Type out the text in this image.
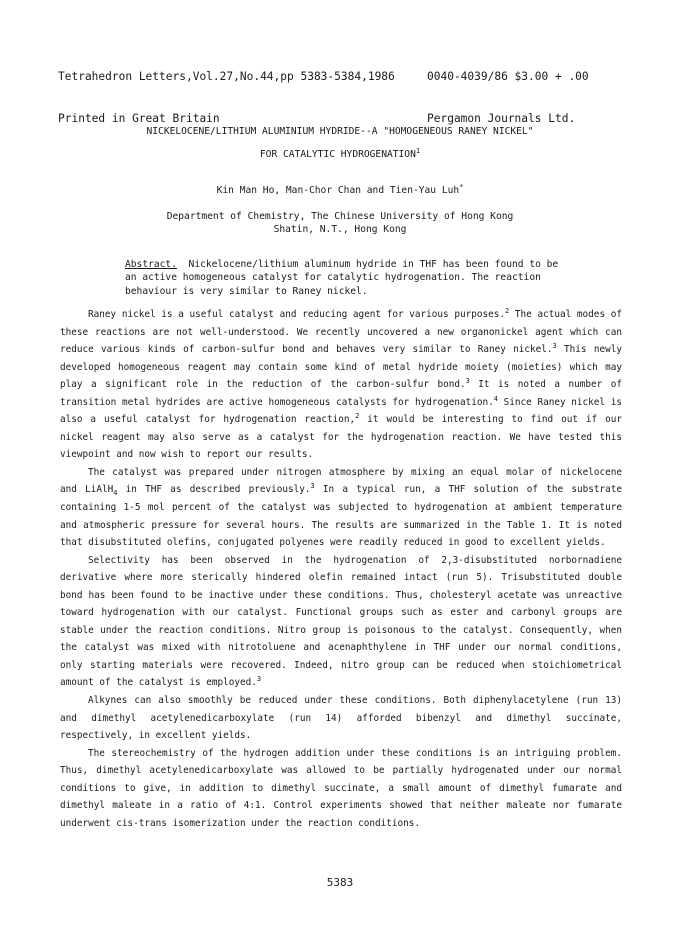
Tetrahedron Letters,Vol.27,No.44,pp 5383-5384,1986

Printed in Great Britain

0040-4039/86 $3.00 + .00

Pergamon Journals Ltd.

NICKELOCENE/LITHIUM ALUMINIUM HYDRIDE--A "HOMOGENEOUS RANEY NICKEL"
FOR CATALYTIC HYDROGENATION$^1$
Kin Man Ho, Man-Chor Chan and Tien-Yau Luh*
Department of Chemistry, The Chinese University of Hong Kong
Shatin, N.T., Hong Kong
Abstract. Nickelocene/lithium aluminum hydride in THF has been found to be an active homogeneous catalyst for catalytic hydrogenation. The reaction behaviour is very similar to Raney nickel.

Raney nickel is a useful catalyst and reducing agent for various purposes.$^2$ The actual modes of these reactions are not well-understood. We recently uncovered a new organonickel agent which can reduce various kinds of carbon-sulfur bond and behaves very similar to Raney nickel.$^3$ This newly developed homogeneous reagent may contain some kind of metal hydride moiety (moieties) which may play a significant role in the reduction of the carbon-sulfur bond.$^3$ It is noted a number of transition metal hydrides are active homogeneous catalysts for hydrogenation.$^4$ Since Raney nickel is also a useful catalyst for hydrogenation reaction,$^2$ it would be interesting to find out if our nickel reagent may also serve as a catalyst for the hydrogenation reaction. We have tested this viewpoint and now wish to report our results.

The catalyst was prepared under nitrogen atmosphere by mixing an equal molar of nickelocene and LiAlH$_4$ in THF as described previously.$^3$ In a typical run, a THF solution of the substrate containing 1-5 mol percent of the catalyst was subjected to hydrogenation at ambient temperature and atmospheric pressure for several hours. The results are summarized in the Table 1. It is noted that disubstituted olefins, conjugated polyenes were readily reduced in good to excellent yields.

Selectivity has been observed in the hydrogenation of 2,3-disubstituted norbornadiene derivative where more sterically hindered olefin remained intact (run 5). Trisubstituted double bond has been found to be inactive under these conditions. Thus, cholesteryl acetate was unreactive toward hydrogenation with our catalyst. Functional groups such as ester and carbonyl groups are stable under the reaction conditions. Nitro group is poisonous to the catalyst. Consequently, when the catalyst was mixed with nitrotoluene and acenaphthylene in THF under our normal conditions, only starting materials were recovered. Indeed, nitro group can be reduced when stoichiometrical amount of the catalyst is employed.$^3$

Alkynes can also smoothly be reduced under these conditions. Both diphenylacetylene (run 13) and dimethyl acetylenedicarboxylate (run 14) afforded bibenzyl and dimethyl succinate, respectively, in excellent yields.

The stereochemistry of the hydrogen addition under these conditions is an intriguing problem. Thus, dimethyl acetylenedicarboxylate was allowed to be partially hydrogenated under our normal conditions to give, in addition to dimethyl succinate, a small amount of dimethyl fumarate and dimethyl maleate in a ratio of 4:1. Control experiments showed that neither maleate nor fumarate underwent cis-trans isomerization under the reaction conditions.

5383
